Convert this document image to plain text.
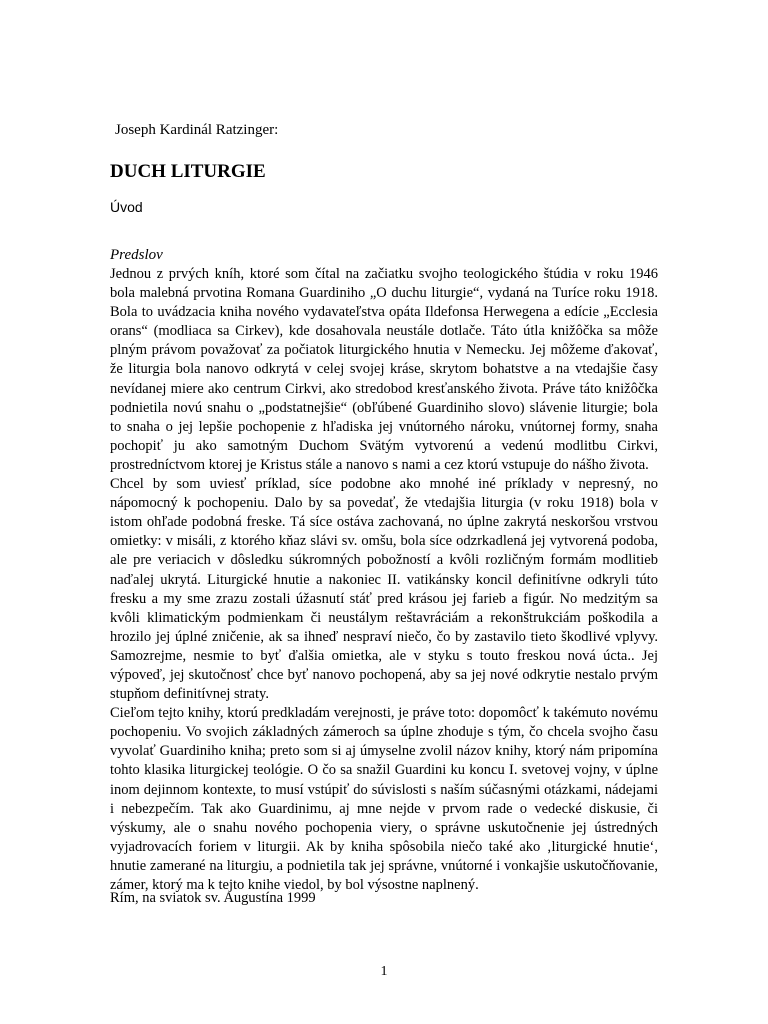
Joseph Kardinál Ratzinger:
DUCH LITURGIE
Úvod
Predslov

Jednou z prvých kníh, ktoré som čítal na začiatku svojho teologického štúdia v roku 1946 bola malebná prvotina Romana Guardiniho „O duchu liturgie“, vydaná na Turíce roku 1918. Bola to uvádzacia kniha nového vydavateľstva opáta Ildefonsa Herwegena a edície „Ecclesia orans“ (modliaca sa Cirkev), kde dosahovala neustále dotlače. Táto útla knižôčka sa môže plným právom považovať za počiatok liturgického hnutia v Nemecku. Jej môžeme ďakovať, že liturgia bola nanovo odkrytá v celej svojej kráse, skrytom bohatstve a na vtedajšie časy nevídanej miere ako centrum Cirkvi, ako stredobod kresťanského života. Práve táto knižôčka podnietila novú snahu o „podstatnejšie“ (obľúbené Guardiniho slovo) slávenie liturgie; bola to snaha o jej lepšie pochopenie z hľadiska jej vnútorného nároku, vnútornej formy, snaha pochopiť ju ako samotným Duchom Svätým vytvorenú a vedenú modlitbu Cirkvi, prostredníctvom ktorej je Kristus stále a nanovo s nami a cez ktorú vstupuje do nášho života.

Chcel by som uviesť príklad, síce podobne ako mnohé iné príklady v nepresný, no nápomocný k pochopeniu. Dalo by sa povedať, že vtedajšia liturgia (v roku 1918) bola v istom ohľade podobná freske. Tá síce ostáva zachovaná, no úplne zakrytá neskoršou vrstvou omietky: v misáli, z ktorého kňaz slávi sv. omšu, bola síce odzrkadlená jej vytvorená podoba, ale pre veriacich v dôsledku súkromných pobožností a kvôli rozličným formám modlitieb naďalej ukrytá. Liturgické hnutie a nakoniec II. vatikánsky koncil definitívne odkryli túto fresku a my sme zrazu zostali úžasnutí stáť pred krásou jej farieb a figúr. No medzitým sa kvôli klimatickým podmienkam či neustálym reštavráciám a rekonštrukciám poškodila a hrozilo jej úplné zničenie, ak sa ihneď nespraví niečo, čo by zastavilo tieto škodlivé vplyvy. Samozrejme, nesmie to byť ďalšia omietka, ale v styku s touto freskou nová úcta.. Jej výpoveď, jej skutočnosť chce byť nanovo pochopená, aby sa jej nové odkrytie nestalo prvým stupňom definitívnej straty.

Cieľom tejto knihy, ktorú predkladám verejnosti, je práve toto: dopomôcť k takémuto novému pochopeniu. Vo svojich základných zámeroch sa úplne zhoduje s tým, čo chcela svojho času vyvolať Guardiniho kniha; preto som si aj úmyselne zvolil názov knihy, ktorý nám pripomína tohto klasika liturgickej teológie. O čo sa snažil Guardini ku koncu I. svetovej vojny, v úplne inom dejinnom kontexte, to musí vstúpiť do súvislosti s naším súčasnými otázkami, nádejami i nebezpečím. Tak ako Guardinimu, aj mne nejde v prvom rade o vedecké diskusie, či výskumy, ale o snahu nového pochopenia viery, o správne uskutočnenie jej ústredných vyjadrovacích foriem v liturgii. Ak by kniha spôsobila niečo také ako ‚liturgické hnutie‘, hnutie zamerané na liturgiu, a podnietila tak jej správne, vnútorné i vonkajšie uskutočňovanie, zámer, ktorý ma k tejto knihe viedol, by bol výsostne naplnený.

Rím, na sviatok sv. Augustína 1999
1
